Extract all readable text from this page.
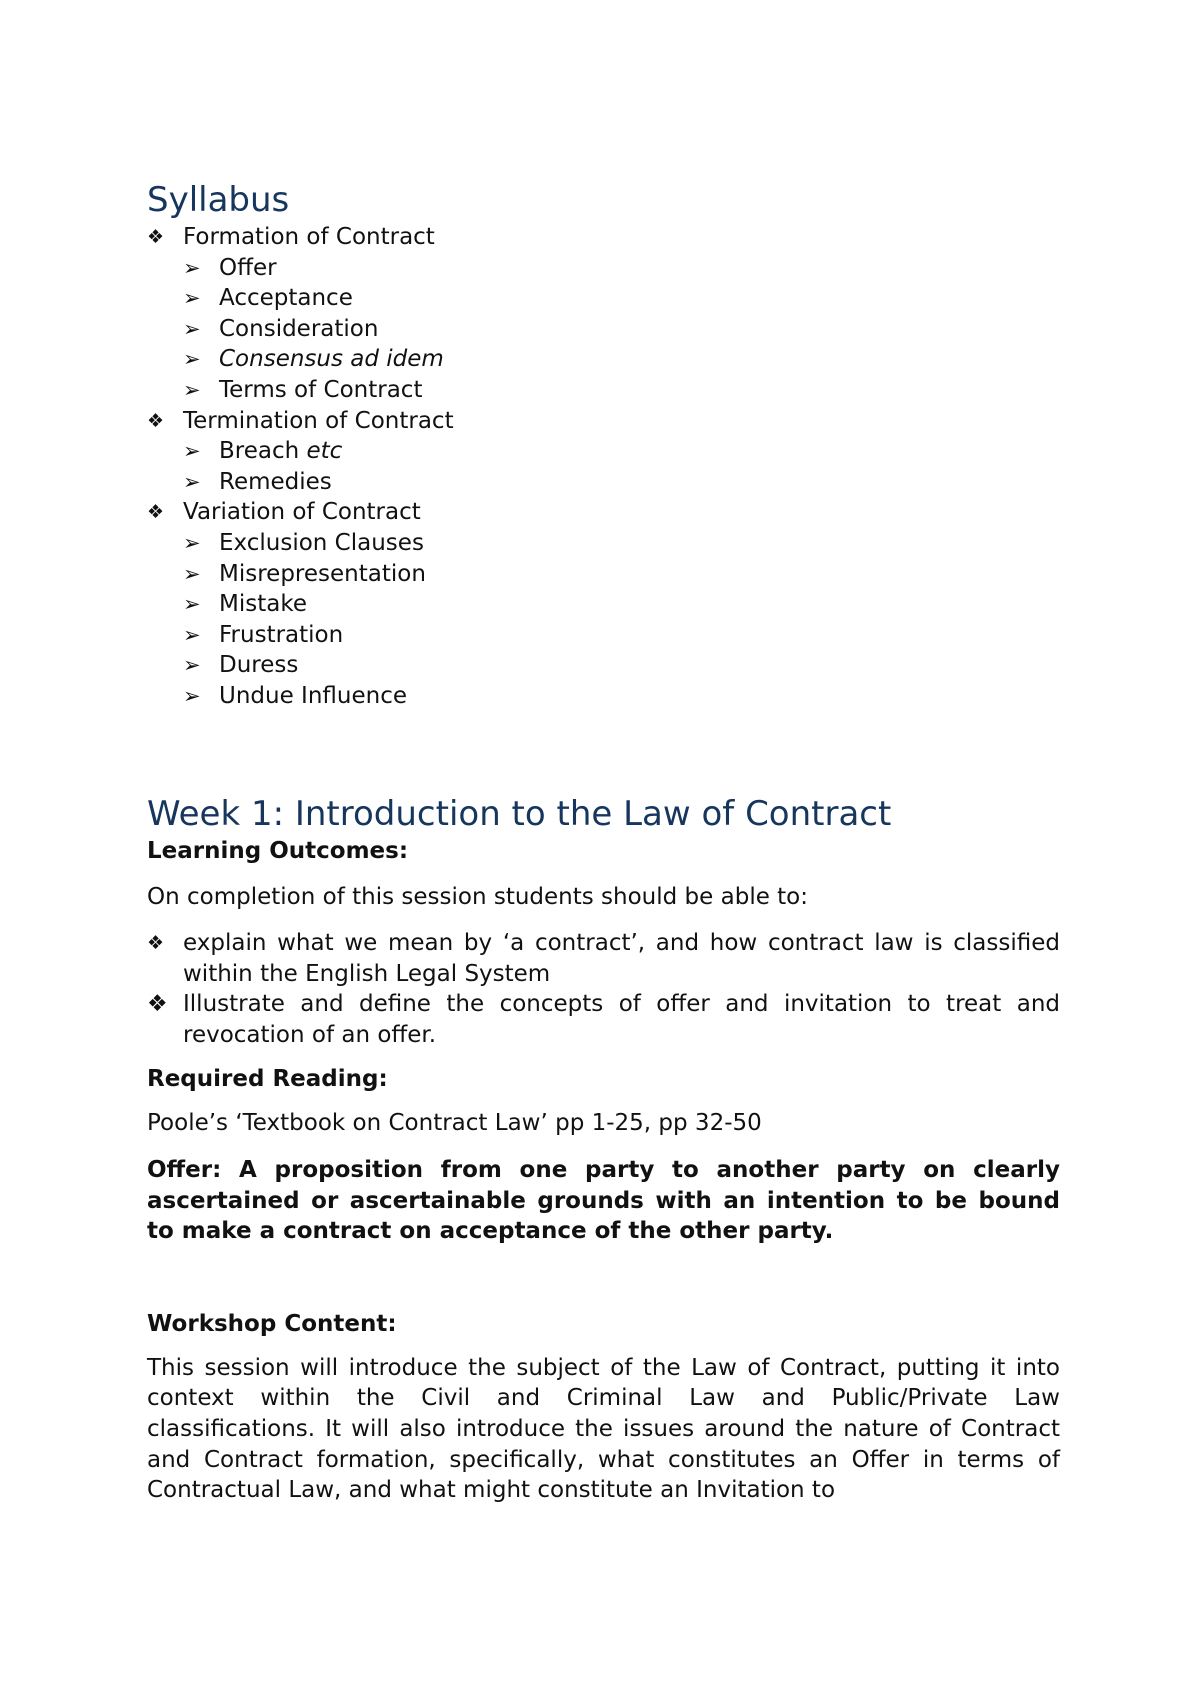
Syllabus
❖ Formation of Contract
➢ Offer
➢ Acceptance
➢ Consideration
➢ Consensus ad idem
➢ Terms of Contract
❖ Termination of Contract
➢ Breach etc
➢ Remedies
❖ Variation of Contract
➢ Exclusion Clauses
➢ Misrepresentation
➢ Mistake
➢ Frustration
➢ Duress
➢ Undue Influence
Week 1: Introduction to the Law of Contract

Learning Outcomes:

On completion of this session students should be able to:

❖ explain what we mean by ‘a contract’, and how contract law is classified within the English Legal System
❖ Illustrate and define the concepts of offer and invitation to treat and revocation of an offer.

Required Reading:

Poole’s ‘Textbook on Contract Law’ pp 1-25, pp 32-50

Offer: A proposition from one party to another party on clearly ascertained or ascertainable grounds with an intention to be bound to make a contract on acceptance of the other party.

Workshop Content:

This session will introduce the subject of the Law of Contract, putting it into context within the Civil and Criminal Law and Public/Private Law classifications. It will also introduce the issues around the nature of Contract and Contract formation, specifically, what constitutes an Offer in terms of Contractual Law, and what might constitute an Invitation to
